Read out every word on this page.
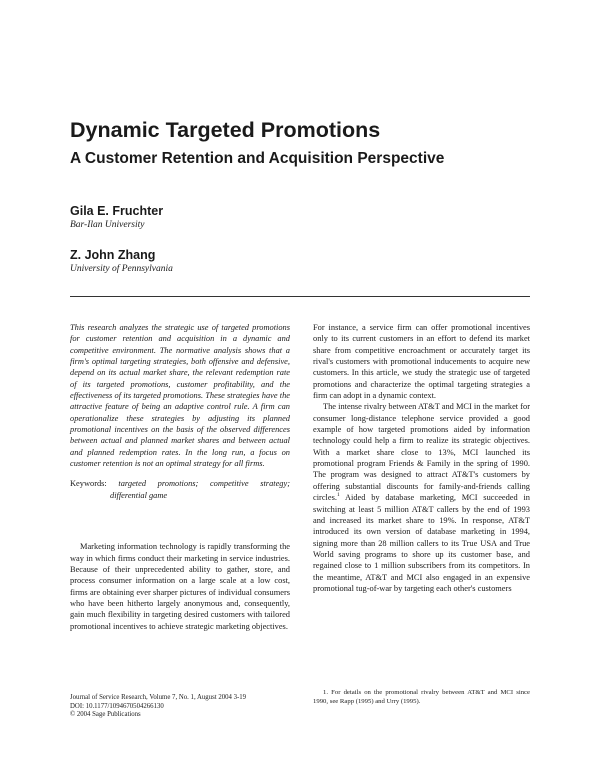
Dynamic Targeted Promotions
A Customer Retention and Acquisition Perspective
Gila E. Fruchter
Bar-Ilan University
Z. John Zhang
University of Pennsylvania

This research analyzes the strategic use of targeted promotions for customer retention and acquisition in a dynamic and competitive environment. The normative analysis shows that a firm's optimal targeting strategies, both offensive and defensive, depend on its actual market share, the relevant redemption rate of its targeted promotions, customer profitability, and the effectiveness of its targeted promotions. These strategies have the attractive feature of being an adaptive control rule. A firm can operationalize these strategies by adjusting its planned promotional incentives on the basis of the observed differences between actual and planned market shares and between actual and planned redemption rates. In the long run, a focus on customer retention is not an optimal strategy for all firms.

Keywords: targeted promotions; competitive strategy; differential game

Marketing information technology is rapidly transforming the way in which firms conduct their marketing in service industries. Because of their unprecedented ability to gather, store, and process consumer information on a large scale at a low cost, firms are obtaining ever sharper pictures of individual consumers who have been hitherto largely anonymous and, consequently, gain much flexibility in targeting desired customers with tailored promotional incentives to achieve strategic marketing objectives.

For instance, a service firm can offer promotional incentives only to its current customers in an effort to defend its market share from competitive encroachment or accurately target its rival's customers with promotional inducements to acquire new customers. In this article, we study the strategic use of targeted promotions and characterize the optimal targeting strategies a firm can adopt in a dynamic context.

The intense rivalry between AT&T and MCI in the market for consumer long-distance telephone service provided a good example of how targeted promotions aided by information technology could help a firm to realize its strategic objectives. With a market share close to 13%, MCI launched its promotional program Friends & Family in the spring of 1990. The program was designed to attract AT&T's customers by offering substantial discounts for family-and-friends calling circles.$^1$ Aided by database marketing, MCI succeeded in switching at least 5 million AT&T callers by the end of 1993 and increased its market share to 19%. In response, AT&T introduced its own version of database marketing in 1994, signing more than 28 million callers to its True USA and True World saving programs to shore up its customer base, and regained close to 1 million subscribers from its competitors. In the meantime, AT&T and MCI also engaged in an expensive promotional tug-of-war by targeting each other's customers

1. For details on the promotional rivalry between AT&T and MCI since 1990, see Rapp (1995) and Urry (1995).

Journal of Service Research, Volume 7, No. 1, August 2004 3-19
DOI: 10.1177/1094670504266130
© 2004 Sage Publications
